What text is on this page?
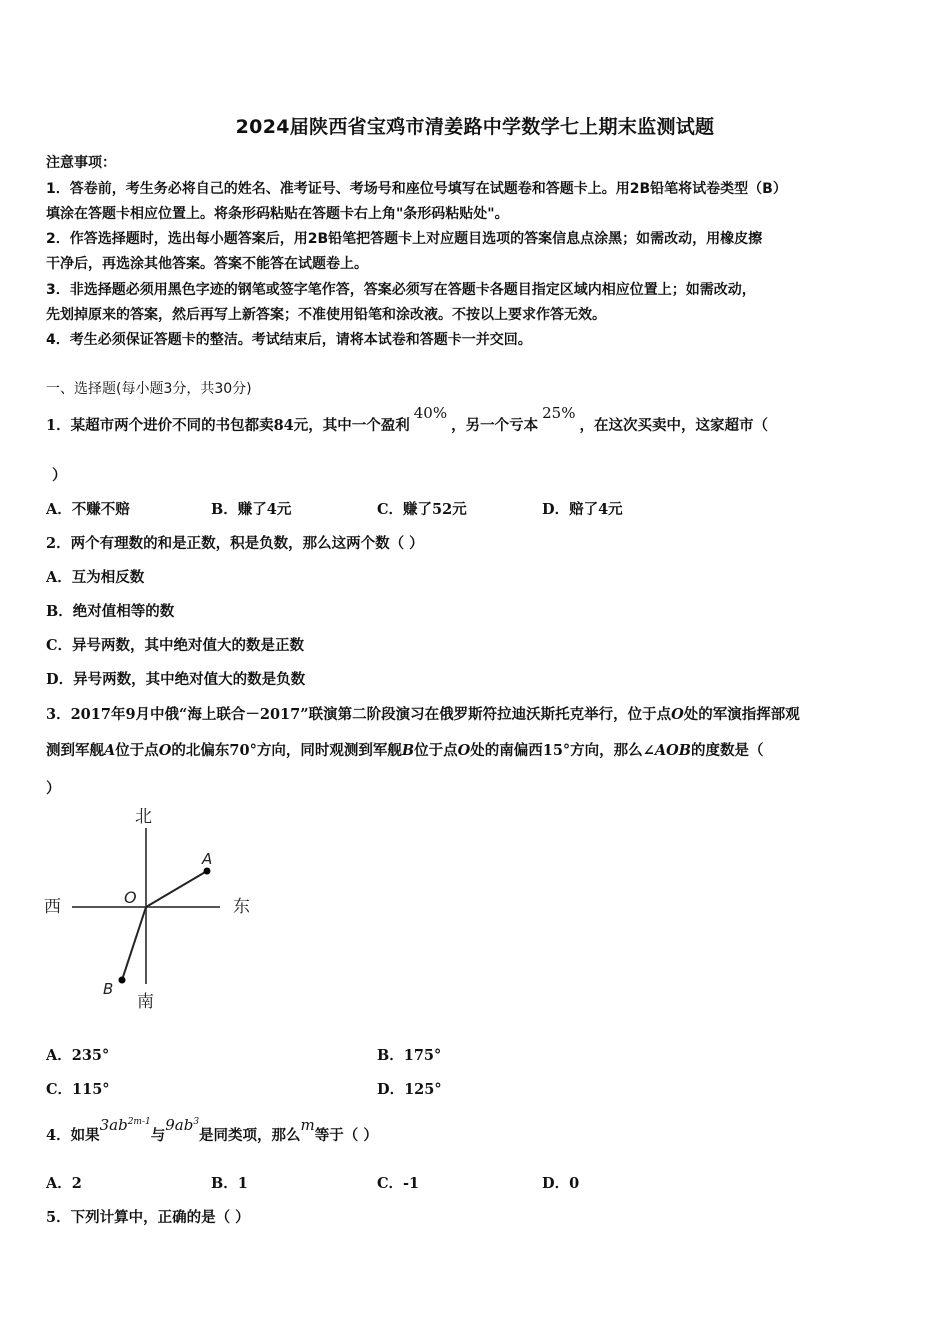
2024届陕西省宝鸡市清姜路中学数学七上期末监测试题
注意事项：
1．答卷前，考生务必将自己的姓名、准考证号、考场号和座位号填写在试题卷和答题卡上。用2B铅笔将试卷类型（B）
填涂在答题卡相应位置上。将条形码粘贴在答题卡右上角"条形码粘贴处"。
2．作答选择题时，选出每小题答案后，用2B铅笔把答题卡上对应题目选项的答案信息点涂黑；如需改动，用橡皮擦
干净后，再选涂其他答案。答案不能答在试题卷上。
3．非选择题必须用黑色字迹的钢笔或签字笔作答，答案必须写在答题卡各题目指定区域内相应位置上；如需改动，
先划掉原来的答案，然后再写上新答案；不准使用铅笔和涂改液。不按以上要求作答无效。
4．考生必须保证答题卡的整洁。考试结束后，请将本试卷和答题卡一并交回。
一、选择题(每小题3分，共30分)
1．某超市两个进价不同的书包都卖84元，其中一个盈利40%，另一个亏本25%，在这次买卖中，这家超市（
）
A．不赚不赔	B．赚了4元	C．赚了52元	D．赔了4元
2．两个有理数的和是正数，积是负数，那么这两个数（ ）
A．互为相反数
B．绝对值相等的数
C．异号两数，其中绝对值大的数是正数
D．异号两数，其中绝对值大的数是负数
3．2017年9月中俄“海上联合－2017”联演第二阶段演习在俄罗斯符拉迪沃斯托克举行，位于点O处的军演指挥部观
测到军舰A位于点O的北偏东70°方向，同时观测到军舰B位于点O处的南偏西15°方向，那么∠AOB的度数是（
）
北
南
西	东
O
A
B
A．235°	B．175°
C．115°	D．125°
4．如果$3ab^{2m-1}$与$9ab^3$是同类项，那么m等于（ ）
A．2	B．1	C．-1	D．0
5．下列计算中，正确的是（ ）
